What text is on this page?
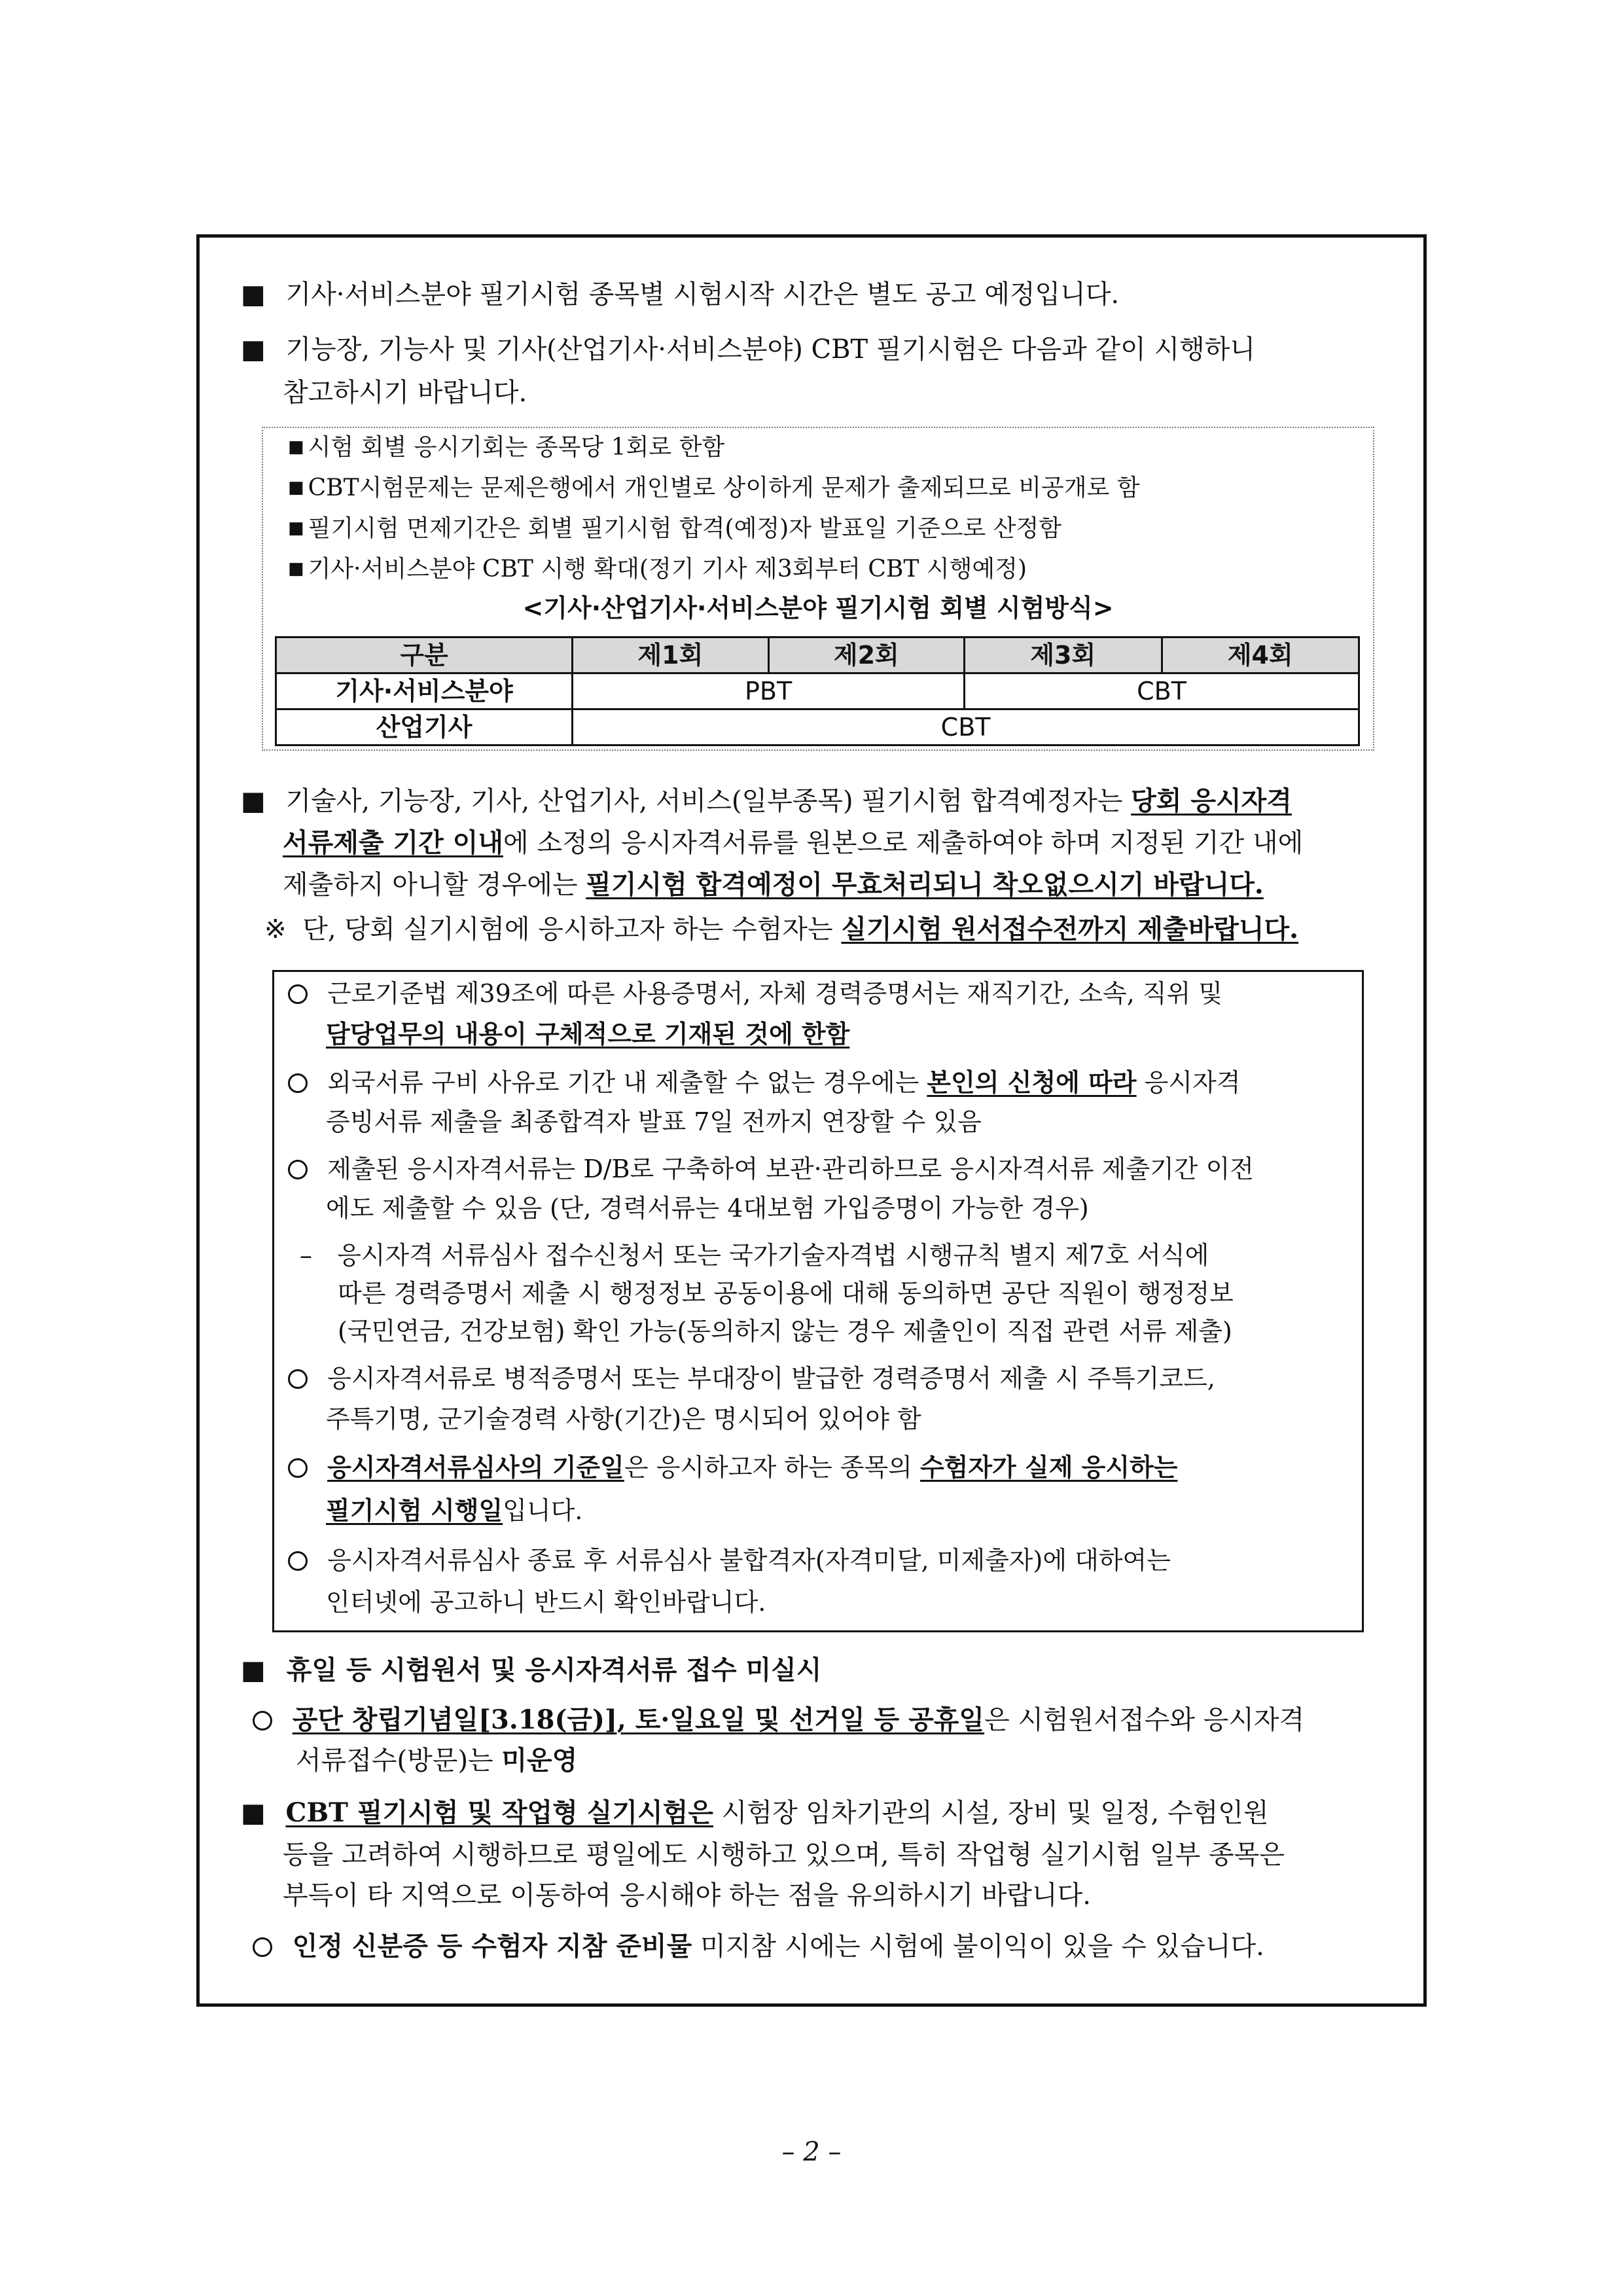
■ 기사·서비스분야 필기시험 종목별 시험시작 시간은 별도 공고 예정입니다.
■ 기능장, 기능사 및 기사(산업기사·서비스분야) CBT 필기시험은 다음과 같이 시행하니
참고하시기 바랍니다.
■ 시험 회별 응시기회는 종목당 1회로 한함
■ CBT시험문제는 문제은행에서 개인별로 상이하게 문제가 출제되므로 비공개로 함
■ 필기시험 면제기간은 회별 필기시험 합격(예정)자 발표일 기준으로 산정함
■ 기사·서비스분야 CBT 시행 확대(정기 기사 제3회부터 CBT 시행예정)
<기사·산업기사·서비스분야 필기시험 회별 시험방식>
구분	제1회	제2회	제3회	제4회
기사·서비스분야	PBT		CBT	
산업기사	CBT			
■ 기술사, 기능장, 기사, 산업기사, 서비스(일부종목) 필기시험 합격예정자는 당회 응시자격
서류제출 기간 이내에 소정의 응시자격서류를 원본으로 제출하여야 하며 지정된 기간 내에
제출하지 아니할 경우에는 필기시험 합격예정이 무효처리되니 착오없으시기 바랍니다.
※ 단, 당회 실기시험에 응시하고자 하는 수험자는 실기시험 원서접수전까지 제출바랍니다.
근로기준법 제39조에 따른 사용증명서, 자체 경력증명서는 재직기간, 소속, 직위 및
담당업무의 내용이 구체적으로 기재된 것에 한함
외국서류 구비 사유로 기간 내 제출할 수 없는 경우에는 본인의 신청에 따라 응시자격
증빙서류 제출을 최종합격자 발표 7일 전까지 연장할 수 있음
제출된 응시자격서류는 D/B로 구축하여 보관·관리하므로 응시자격서류 제출기간 이전
에도 제출할 수 있음 (단, 경력서류는 4대보험 가입증명이 가능한 경우)
– 응시자격 서류심사 접수신청서 또는 국가기술자격법 시행규칙 별지 제7호 서식에
따른 경력증명서 제출 시 행정정보 공동이용에 대해 동의하면 공단 직원이 행정정보
(국민연금, 건강보험) 확인 가능(동의하지 않는 경우 제출인이 직접 관련 서류 제출)
응시자격서류로 병적증명서 또는 부대장이 발급한 경력증명서 제출 시 주특기코드,
주특기명, 군기술경력 사항(기간)은 명시되어 있어야 함
응시자격서류심사의 기준일은 응시하고자 하는 종목의 수험자가 실제 응시하는
필기시험 시행일입니다.
응시자격서류심사 종료 후 서류심사 불합격자(자격미달, 미제출자)에 대하여는
인터넷에 공고하니 반드시 확인바랍니다.
■ 휴일 등 시험원서 및 응시자격서류 접수 미실시
공단 창립기념일[3.18(금)], 토·일요일 및 선거일 등 공휴일은 시험원서접수와 응시자격
서류접수(방문)는 미운영
■ CBT 필기시험 및 작업형 실기시험은 시험장 임차기관의 시설, 장비 및 일정, 수험인원
등을 고려하여 시행하므로 평일에도 시행하고 있으며, 특히 작업형 실기시험 일부 종목은
부득이 타 지역으로 이동하여 응시해야 하는 점을 유의하시기 바랍니다.
인정 신분증 등 수험자 지참 준비물 미지참 시에는 시험에 불이익이 있을 수 있습니다.
– 2 –
